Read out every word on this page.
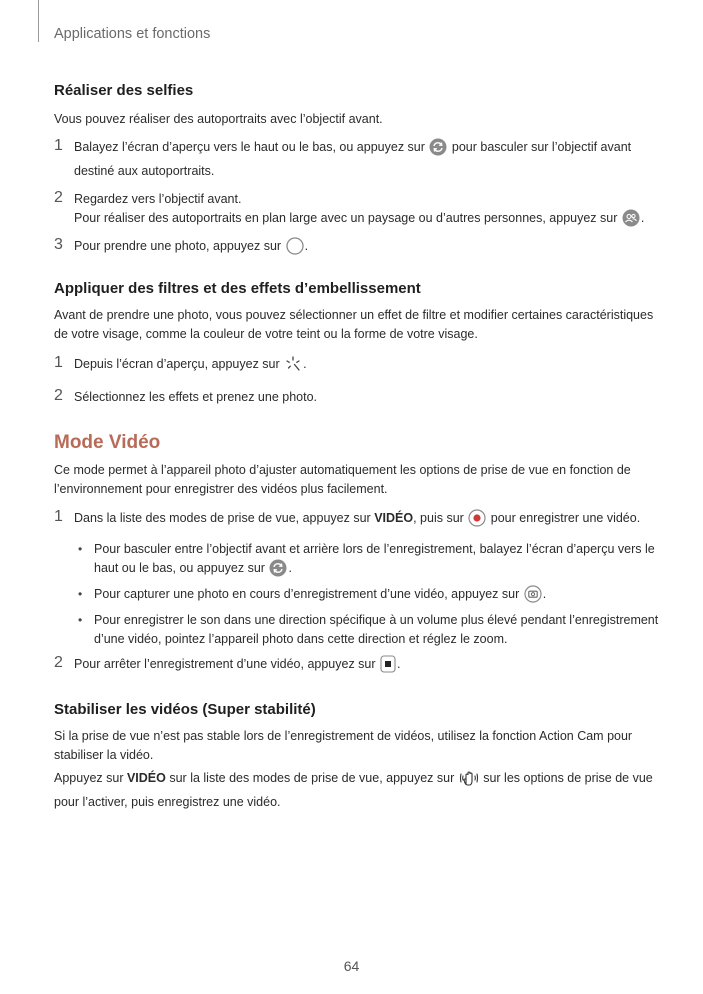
Applications et fonctions
Réaliser des selfies

Vous pouvez réaliser des autoportraits avec l’objectif avant.

1 Balayez l’écran d’aperçu vers le haut ou le bas, ou appuyez sur pour basculer sur l’objectif avant destiné aux autoportraits.
2 Regardez vers l’objectif avant.
Pour réaliser des autoportraits en plan large avec un paysage ou d’autres personnes, appuyez sur .
3 Pour prendre une photo, appuyez sur .
Appliquer des filtres et des effets d’embellissement

Avant de prendre une photo, vous pouvez sélectionner un effet de filtre et modifier certaines caractéristiques de votre visage, comme la couleur de votre teint ou la forme de votre visage.

1 Depuis l’écran d’aperçu, appuyez sur .
2 Sélectionnez les effets et prenez une photo.
Mode Vidéo

Ce mode permet à l’appareil photo d’ajuster automatiquement les options de prise de vue en fonction de l’environnement pour enregistrer des vidéos plus facilement.

1 Dans la liste des modes de prise de vue, appuyez sur VIDÉO, puis sur pour enregistrer une vidéo.
• Pour basculer entre l’objectif avant et arrière lors de l’enregistrement, balayez l’écran d’aperçu vers le haut ou le bas, ou appuyez sur .
• Pour capturer une photo en cours d’enregistrement d’une vidéo, appuyez sur .
• Pour enregistrer le son dans une direction spécifique à un volume plus élevé pendant l’enregistrement d’une vidéo, pointez l’appareil photo dans cette direction et réglez le zoom.
2 Pour arrêter l’enregistrement d’une vidéo, appuyez sur .
Stabiliser les vidéos (Super stabilité)

Si la prise de vue n’est pas stable lors de l’enregistrement de vidéos, utilisez la fonction Action Cam pour stabiliser la vidéo.

Appuyez sur VIDÉO sur la liste des modes de prise de vue, appuyez sur sur les options de prise de vue pour l’activer, puis enregistrez une vidéo.

64
